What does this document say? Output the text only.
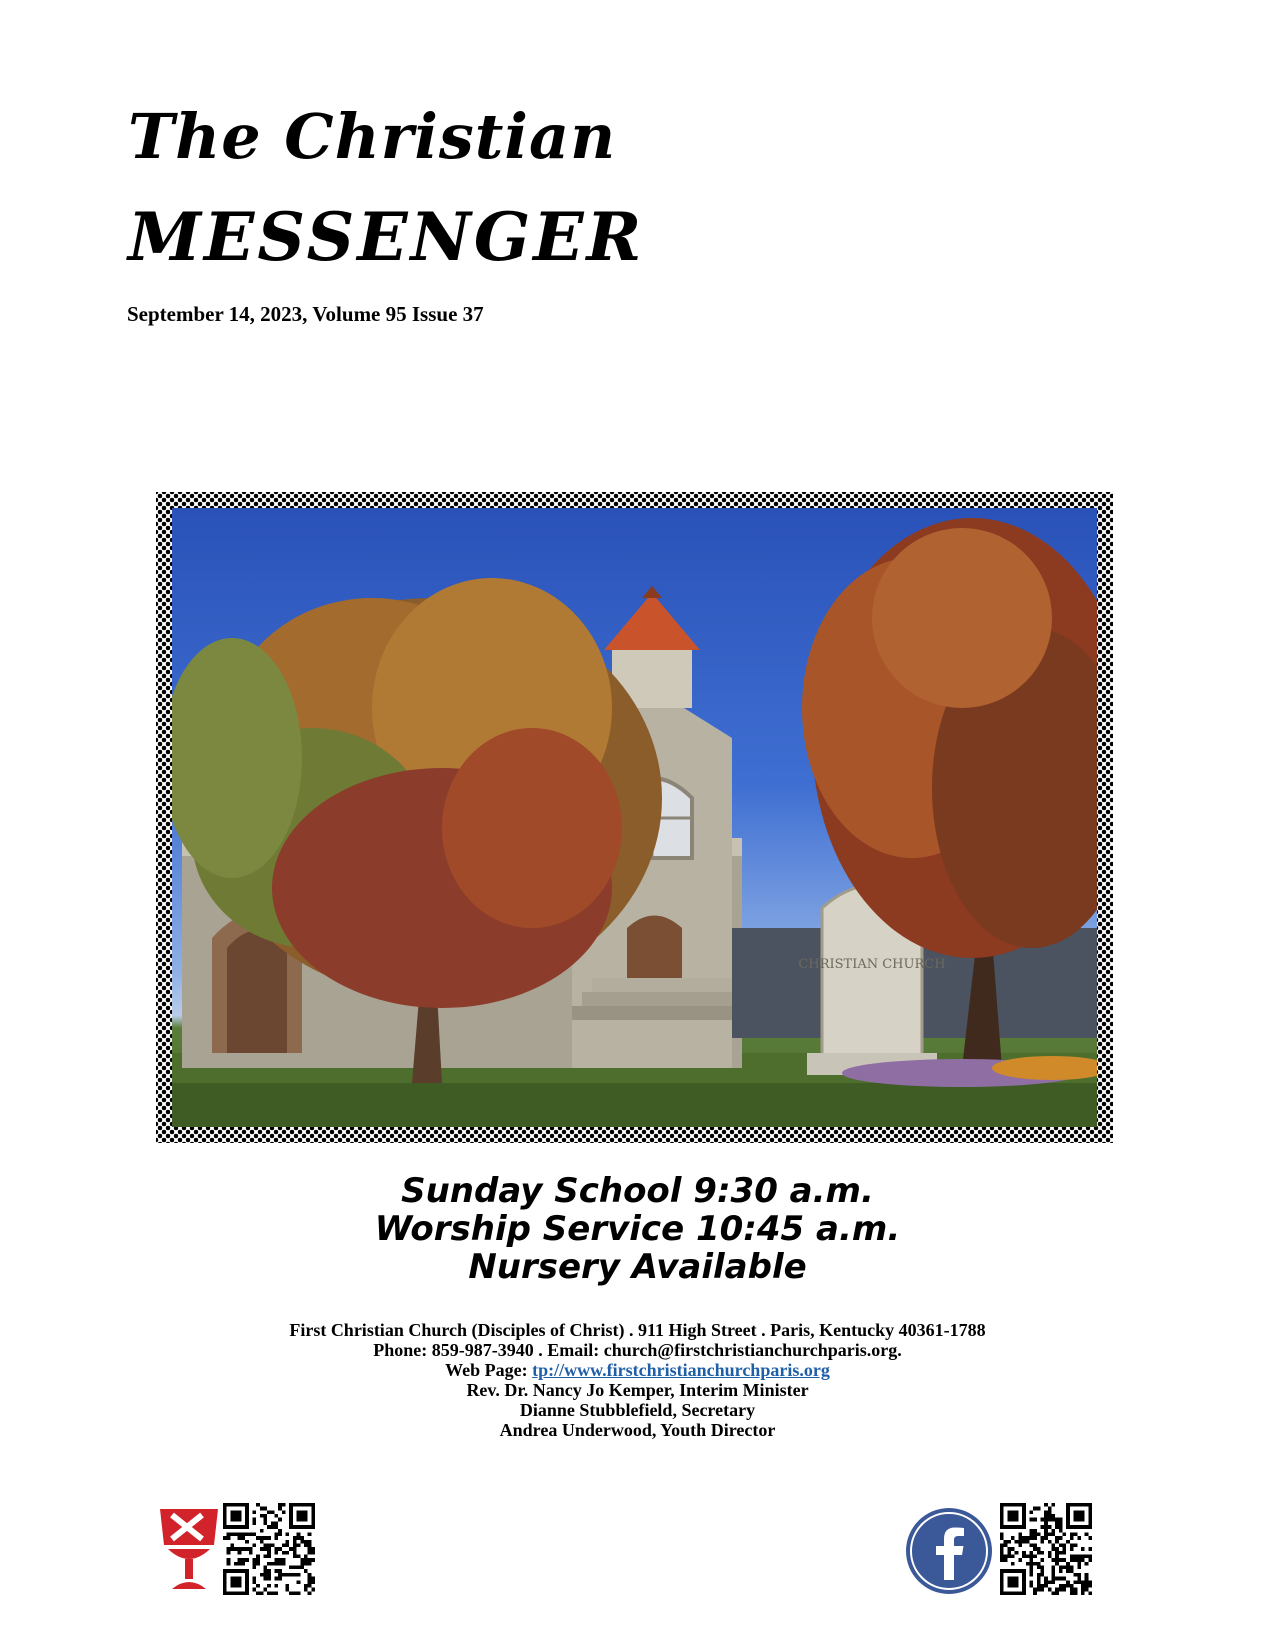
The Christian
MESSENGER
September 14, 2023, Volume 95 Issue 37
CHRISTIAN CHURCH
Sunday School 9:30 a.m.
Worship Service 10:45 a.m.
Nursery Available
First Christian Church (Disciples of Christ) . 911 High Street . Paris, Kentucky 40361-1788
Phone: 859-987-3940 . Email: church@firstchristianchurchparis.org.
Web Page: tp://www.firstchristianchurchparis.org
Rev. Dr. Nancy Jo Kemper, Interim Minister
Dianne Stubblefield, Secretary
Andrea Underwood, Youth Director
